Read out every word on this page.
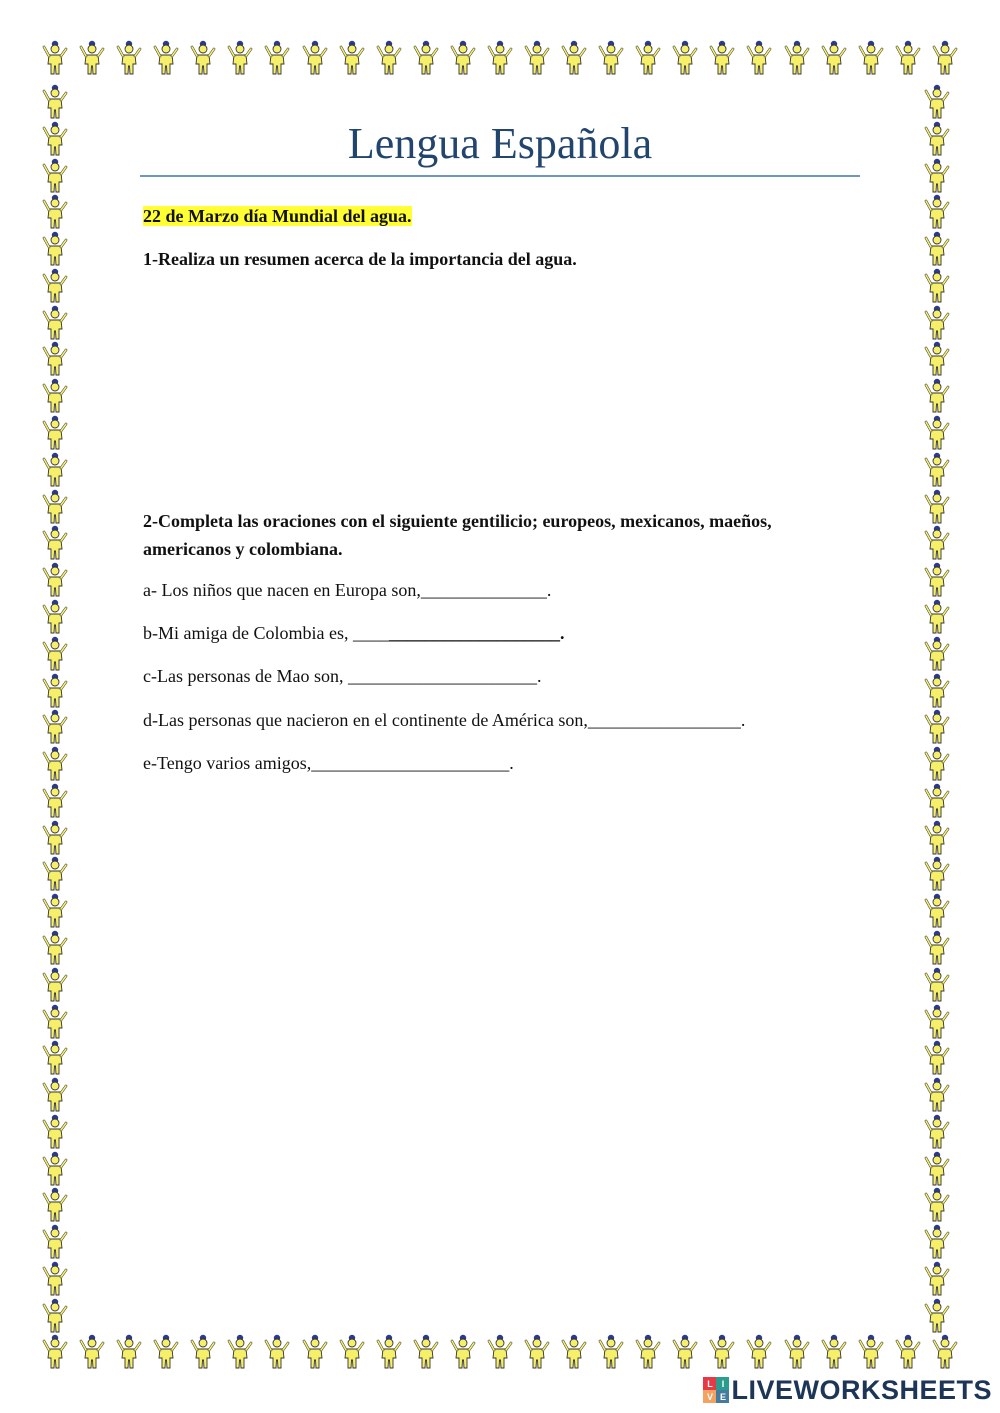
Lengua Española
22 de Marzo día Mundial del agua.
1-Realiza un resumen acerca de la importancia del agua.
2-Completa las oraciones con el siguiente gentilicio; europeos, mexicanos, maeños, americanos y colombiana.
a- Los niños que nacen en Europa son,______________.
b-Mi amiga de Colombia es, _______________________.
c-Las personas de Mao son, _____________________.
d-Las personas que nacieron en el continente de América son,_________________.
e-Tengo varios amigos,______________________.
L I
V E LIVEWORKSHEETS
